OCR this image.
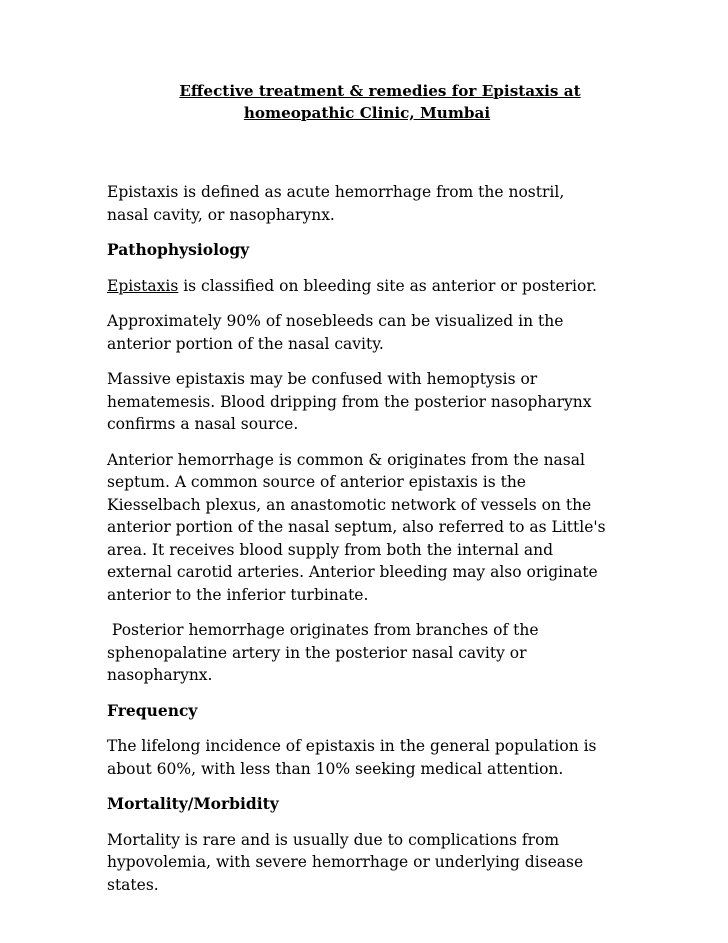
Effective treatment & remedies for Epistaxis at
homeopathic Clinic, Mumbai

Epistaxis is defined as acute hemorrhage from the nostril,
nasal cavity, or nasopharynx.

Pathophysiology

Epistaxis is classified on bleeding site as anterior or posterior.

Approximately 90% of nosebleeds can be visualized in the
anterior portion of the nasal cavity.

Massive epistaxis may be confused with hemoptysis or
hematemesis. Blood dripping from the posterior nasopharynx
confirms a nasal source.

Anterior hemorrhage is common & originates from the nasal
septum. A common source of anterior epistaxis is the
Kiesselbach plexus, an anastomotic network of vessels on the
anterior portion of the nasal septum, also referred to as Little's
area. It receives blood supply from both the internal and
external carotid arteries. Anterior bleeding may also originate
anterior to the inferior turbinate.

Posterior hemorrhage originates from branches of the
sphenopalatine artery in the posterior nasal cavity or
nasopharynx.

Frequency

The lifelong incidence of epistaxis in the general population is
about 60%, with less than 10% seeking medical attention.

Mortality/Morbidity

Mortality is rare and is usually due to complications from
hypovolemia, with severe hemorrhage or underlying disease
states.
